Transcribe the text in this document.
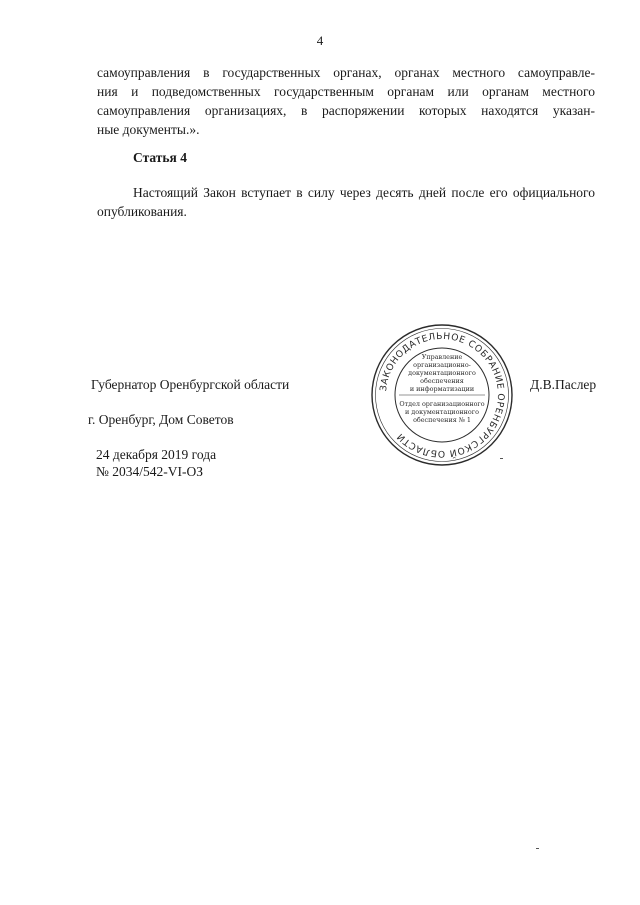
4
самоуправления в государственных органах, органах местного самоуправле-
ния и подведомственных государственным органам или органам местного
самоуправления организациях, в распоряжении которых находятся указан-
ные документы.».
Статья 4
Настоящий Закон вступает в силу через десять дней после его официального опубликования.
Губернатор Оренбургской области	Д.В.Паслер
г. Оренбург, Дом Советов
24 декабря 2019 года
№ 2034/542-VI-ОЗ
ЗАКОНОДАТЕЛЬНОЕ СОБРАНИЕ ОРЕНБУРГСКОЙ ОБЛАСТИ
Управление
организационно-
документационного
обеспечения
и информатизации
Отдел организационного
и документационного
обеспечения № 1
